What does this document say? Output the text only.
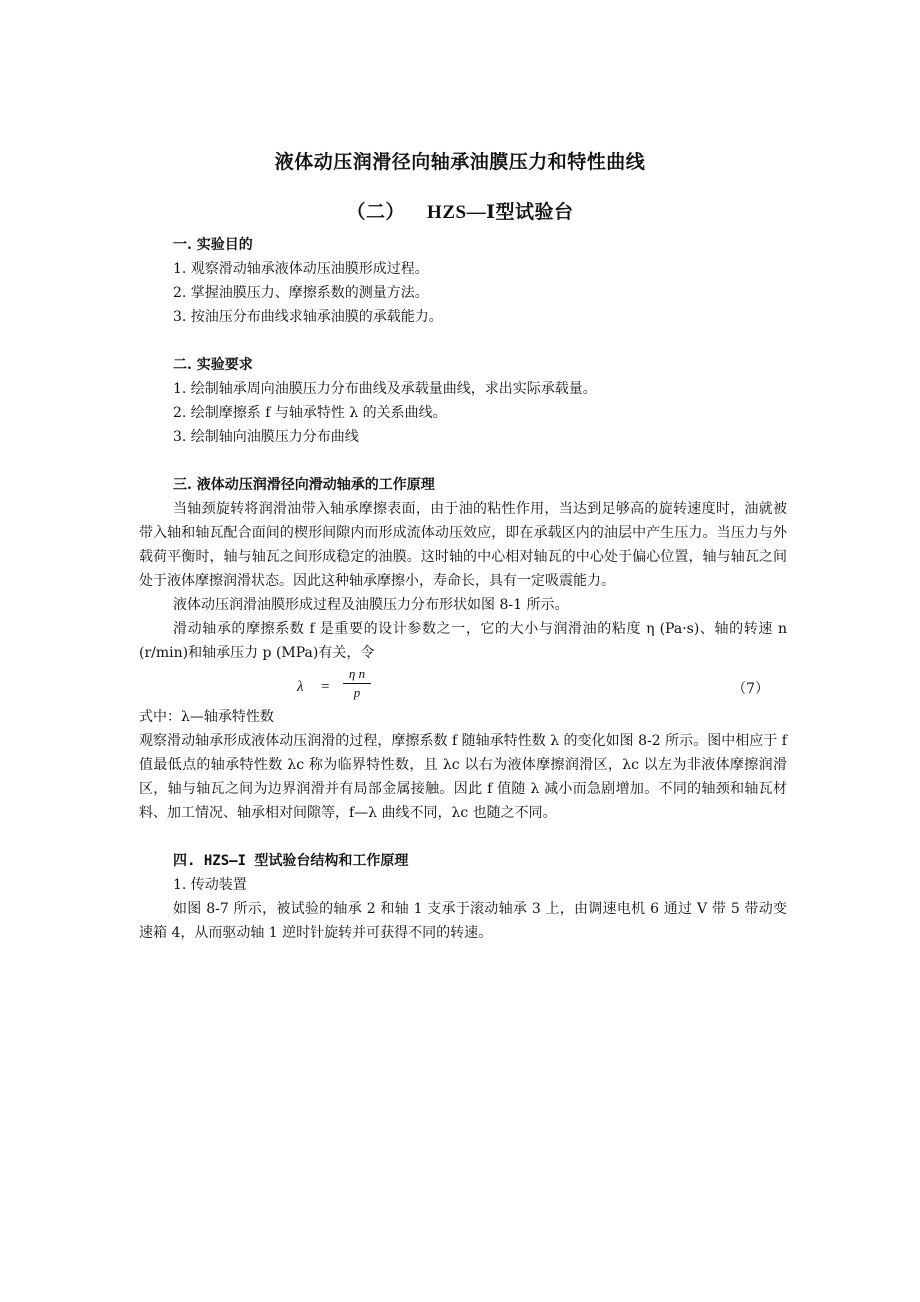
液体动压润滑径向轴承油膜压力和特性曲线
（二） HZS—Ⅰ型试验台
一. 实验目的
1. 观察滑动轴承液体动压油膜形成过程。
2. 掌握油膜压力、摩擦系数的测量方法。
3. 按油压分布曲线求轴承油膜的承载能力。
二. 实验要求
1. 绘制轴承周向油膜压力分布曲线及承载量曲线，求出实际承载量。
2. 绘制摩擦系 f 与轴承特性 λ 的关系曲线。
3. 绘制轴向油膜压力分布曲线
三. 液体动压润滑径向滑动轴承的工作原理
当轴颈旋转将润滑油带入轴承摩擦表面，由于油的粘性作用，当达到足够高的旋转速度时，油就被带入轴和轴瓦配合面间的楔形间隙内而形成流体动压效应，即在承载区内的油层中产生压力。当压力与外载荷平衡时，轴与轴瓦之间形成稳定的油膜。这时轴的中心相对轴瓦的中心处于偏心位置，轴与轴瓦之间处于液体摩擦润滑状态。因此这种轴承摩擦小，寿命长，具有一定吸震能力。
液体动压润滑油膜形成过程及油膜压力分布形状如图 8-1 所示。
滑动轴承的摩擦系数 f 是重要的设计参数之一，它的大小与润滑油的粘度 η (Pa·s)、轴的转速 n (r/min)和轴承压力 p (MPa)有关，令
λ =
η n
p	（7）
式中：λ—轴承特性数
观察滑动轴承形成液体动压润滑的过程，摩擦系数 f 随轴承特性数 λ 的变化如图 8-2 所示。图中相应于 f 值最低点的轴承特性数 λc 称为临界特性数，且 λc 以右为液体摩擦润滑区，λc 以左为非液体摩擦润滑区，轴与轴瓦之间为边界润滑并有局部金属接触。因此 f 值随 λ 减小而急剧增加。不同的轴颈和轴瓦材料、加工情况、轴承相对间隙等，f—λ 曲线不同，λc 也随之不同。
四. HZS—I 型试验台结构和工作原理
1. 传动装置
如图 8-7 所示，被试验的轴承 2 和轴 1 支承于滚动轴承 3 上，由调速电机 6 通过 V 带 5 带动变速箱 4，从而驱动轴 1 逆时针旋转并可获得不同的转速。
